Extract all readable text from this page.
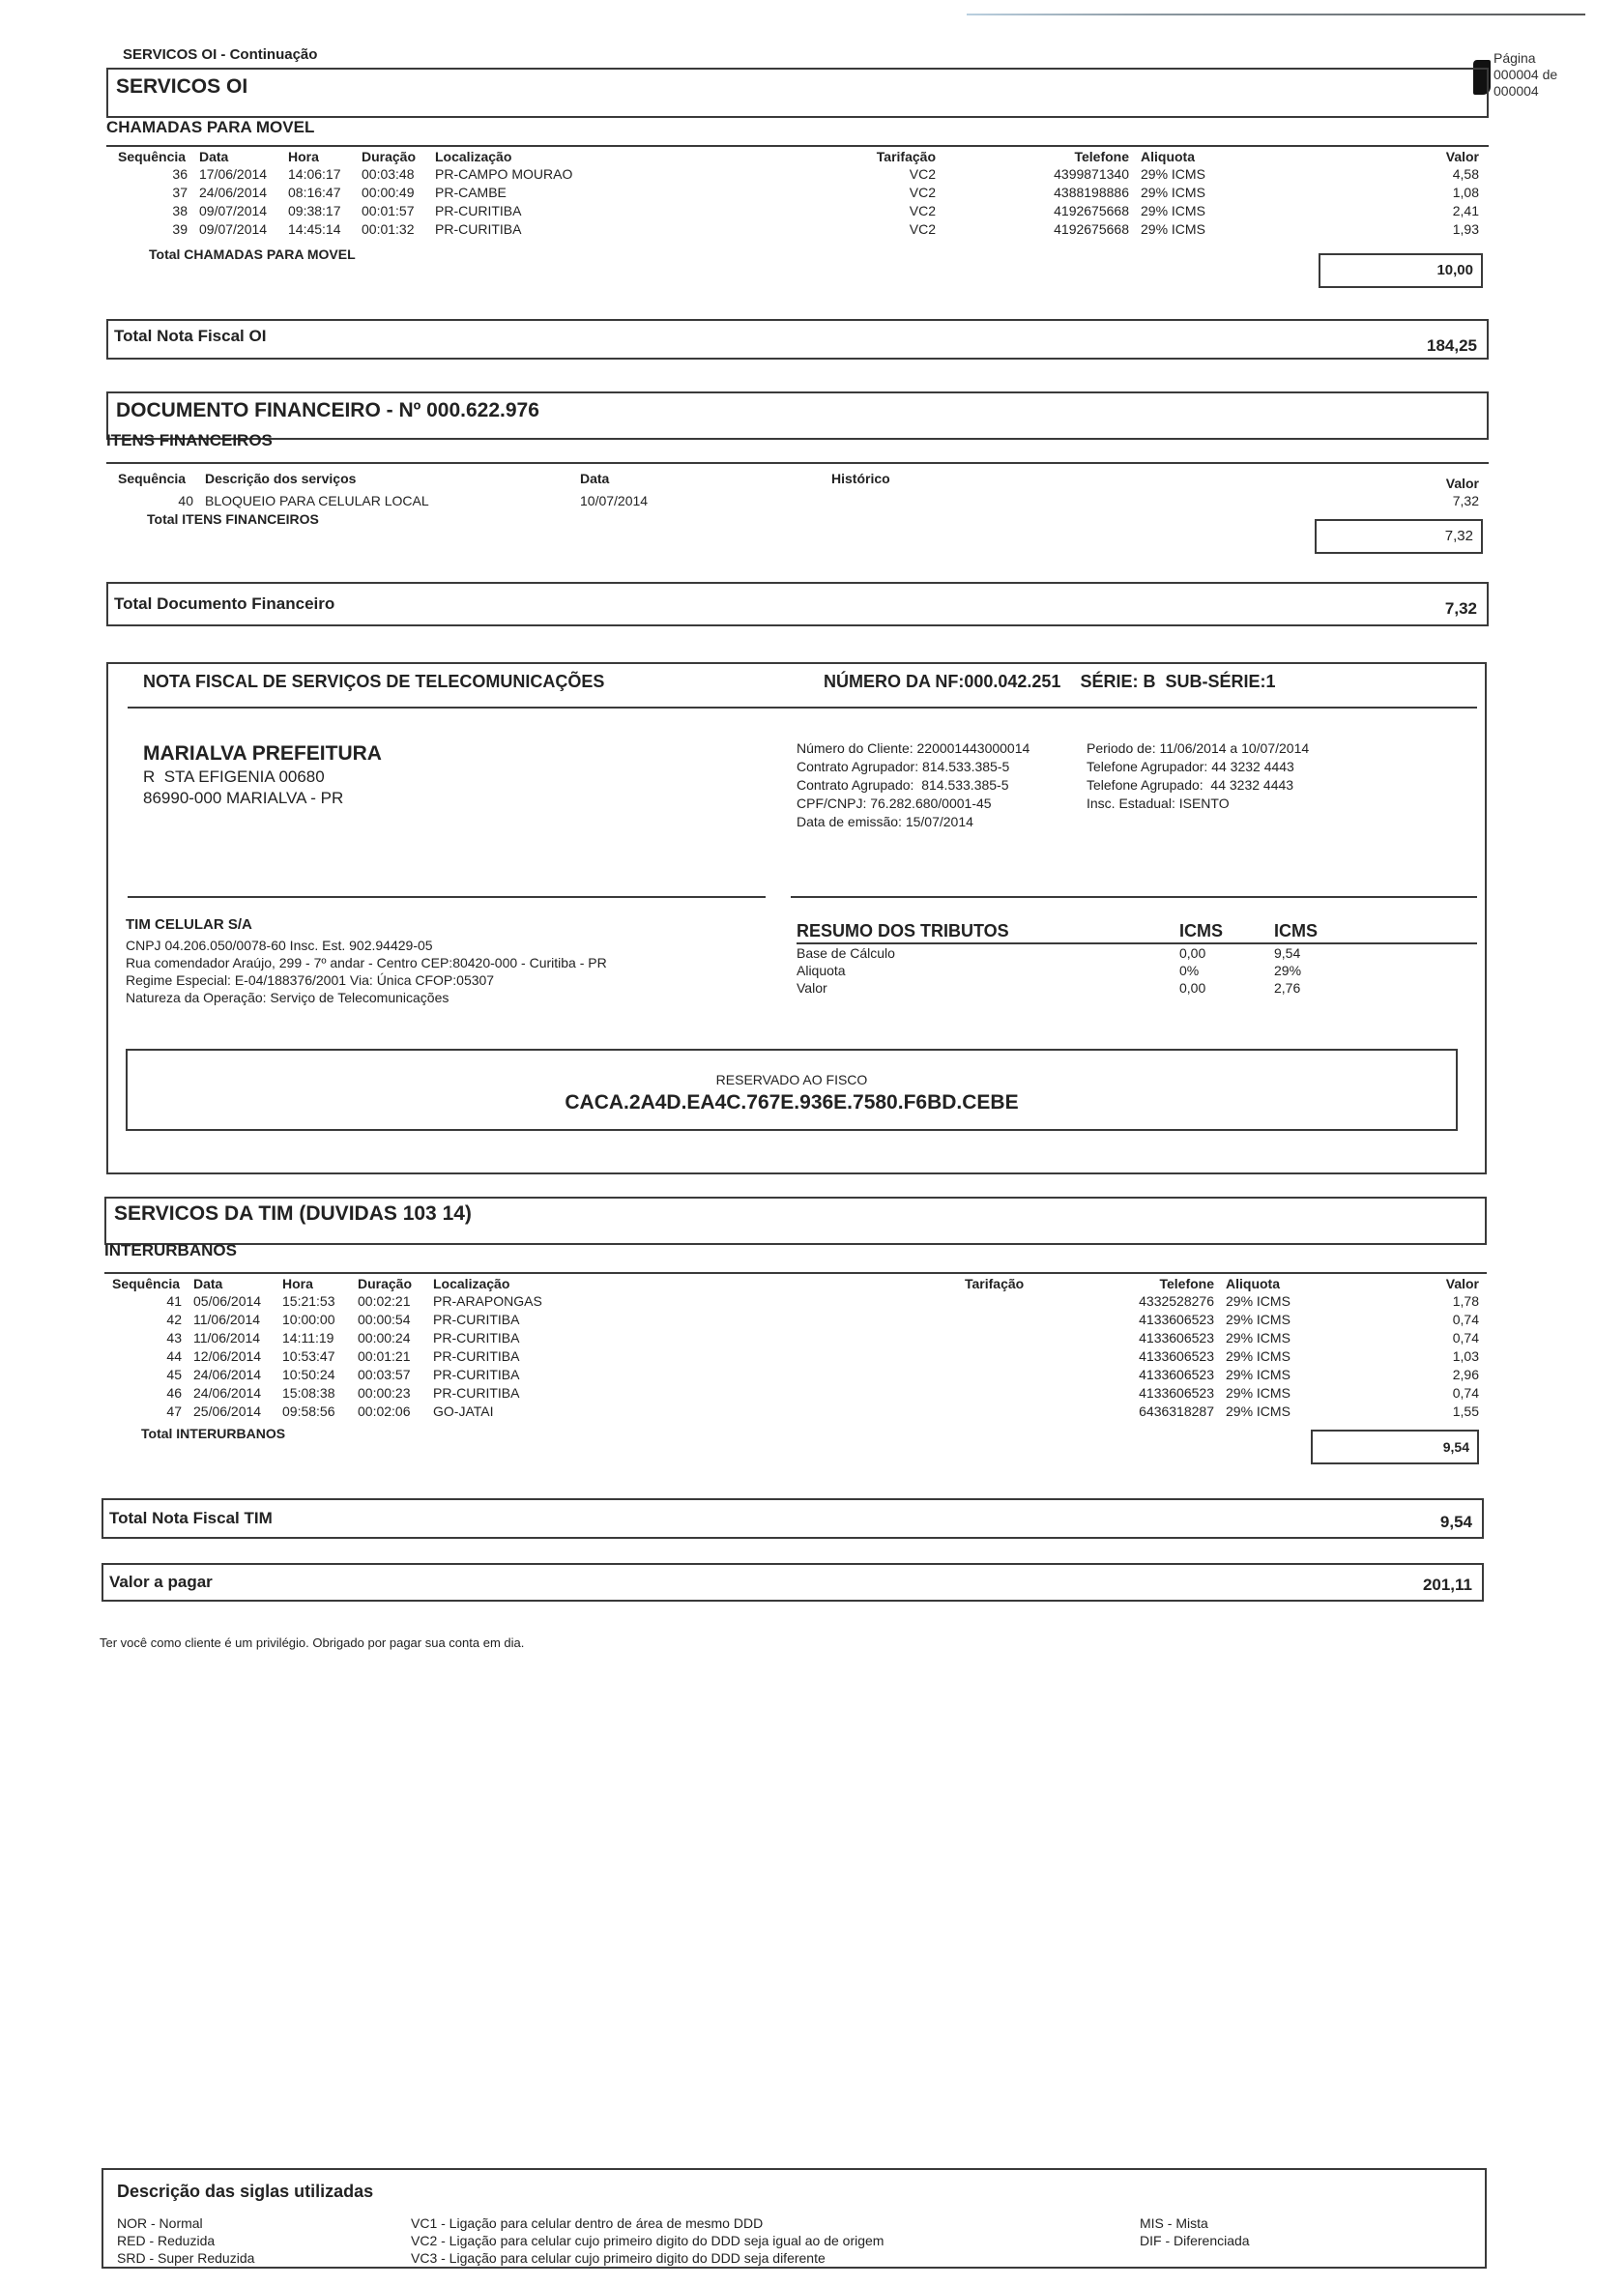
SERVICOS OI - Continuação	Página
000004 de
000004
SERVICOS OI
CHAMADAS PARA MOVEL
Sequência	Data	Hora	Duração	Localização	Tarifação	Telefone	Aliquota	Valor
36	17/06/2014	14:06:17	00:03:48	PR-CAMPO MOURAO	VC2	4399871340	29% ICMS	4,58
37	24/06/2014	08:16:47	00:00:49	PR-CAMBE	VC2	4388198886	29% ICMS	1,08
38	09/07/2014	09:38:17	00:01:57	PR-CURITIBA	VC2	4192675668	29% ICMS	2,41
39	09/07/2014	14:45:14	00:01:32	PR-CURITIBA	VC2	4192675668	29% ICMS	1,93
Total CHAMADAS PARA MOVEL
10,00
Total Nota Fiscal OI
184,25
DOCUMENTO FINANCEIRO - Nº 000.622.976
ITENS FINANCEIROS
Sequência	Descrição dos serviços	Data	Histórico	Valor
40	BLOQUEIO PARA CELULAR LOCAL	10/07/2014		7,32
Total ITENS FINANCEIROS
7,32
Total Documento Financeiro	7,32
NOTA FISCAL DE SERVIÇOS DE TELECOMUNICAÇÕES	NÚMERO DA NF:000.042.251 SÉRIE: B SUB-SÉRIE:1
MARIALVA PREFEITURA
R  STA EFIGENIA 00680
86990-000 MARIALVA - PR
Número do Cliente: 220001443000014
Contrato Agrupador: 814.533.385-5
Contrato Agrupado:  814.533.385-5
CPF/CNPJ: 76.282.680/0001-45
Data de emissão: 15/07/2014
Periodo de: 11/06/2014 a 10/07/2014
Telefone Agrupador: 44 3232 4443
Telefone Agrupado:  44 3232 4443
Insc. Estadual: ISENTO
TIM CELULAR S/A
CNPJ 04.206.050/0078-60 Insc. Est. 902.94429-05
Rua comendador Araújo, 299 - 7º andar - Centro CEP:80420-000 - Curitiba - PR
Regime Especial: E-04/188376/2001 Via: Única CFOP:05307
Natureza da Operação: Serviço de Telecomunicações
RESUMO DOS TRIBUTOS	ICMS	ICMS
Base de Cálculo	0,00	9,54
Aliquota	0%	29%
Valor	0,00	2,76
RESERVADO AO FISCO
CACA.2A4D.EA4C.767E.936E.7580.F6BD.CEBE
SERVICOS DA TIM (DUVIDAS 103 14)
INTERURBANOS
Sequência	Data	Hora	Duração	Localização	Tarifação	Telefone	Aliquota	Valor
41	05/06/2014	15:21:53	00:02:21	PR-ARAPONGAS		4332528276	29% ICMS	1,78
42	11/06/2014	10:00:00	00:00:54	PR-CURITIBA		4133606523	29% ICMS	0,74
43	11/06/2014	14:11:19	00:00:24	PR-CURITIBA		4133606523	29% ICMS	0,74
44	12/06/2014	10:53:47	00:01:21	PR-CURITIBA		4133606523	29% ICMS	1,03
45	24/06/2014	10:50:24	00:03:57	PR-CURITIBA		4133606523	29% ICMS	2,96
46	24/06/2014	15:08:38	00:00:23	PR-CURITIBA		4133606523	29% ICMS	0,74
47	25/06/2014	09:58:56	00:02:06	GO-JATAI		6436318287	29% ICMS	1,55
Total INTERURBANOS
9,54
Total Nota Fiscal TIM	9,54
Valor a pagar	201,11
Ter você como cliente é um privilégio. Obrigado por pagar sua conta em dia.
Descrição das siglas utilizadas
NOR - Normal
RED - Reduzida
SRD - Super Reduzida
VC1 - Ligação para celular dentro de área de mesmo DDD
VC2 - Ligação para celular cujo primeiro digito do DDD seja igual ao de origem
VC3 - Ligação para celular cujo primeiro digito do DDD seja diferente
MIS - Mista
DIF - Diferenciada
